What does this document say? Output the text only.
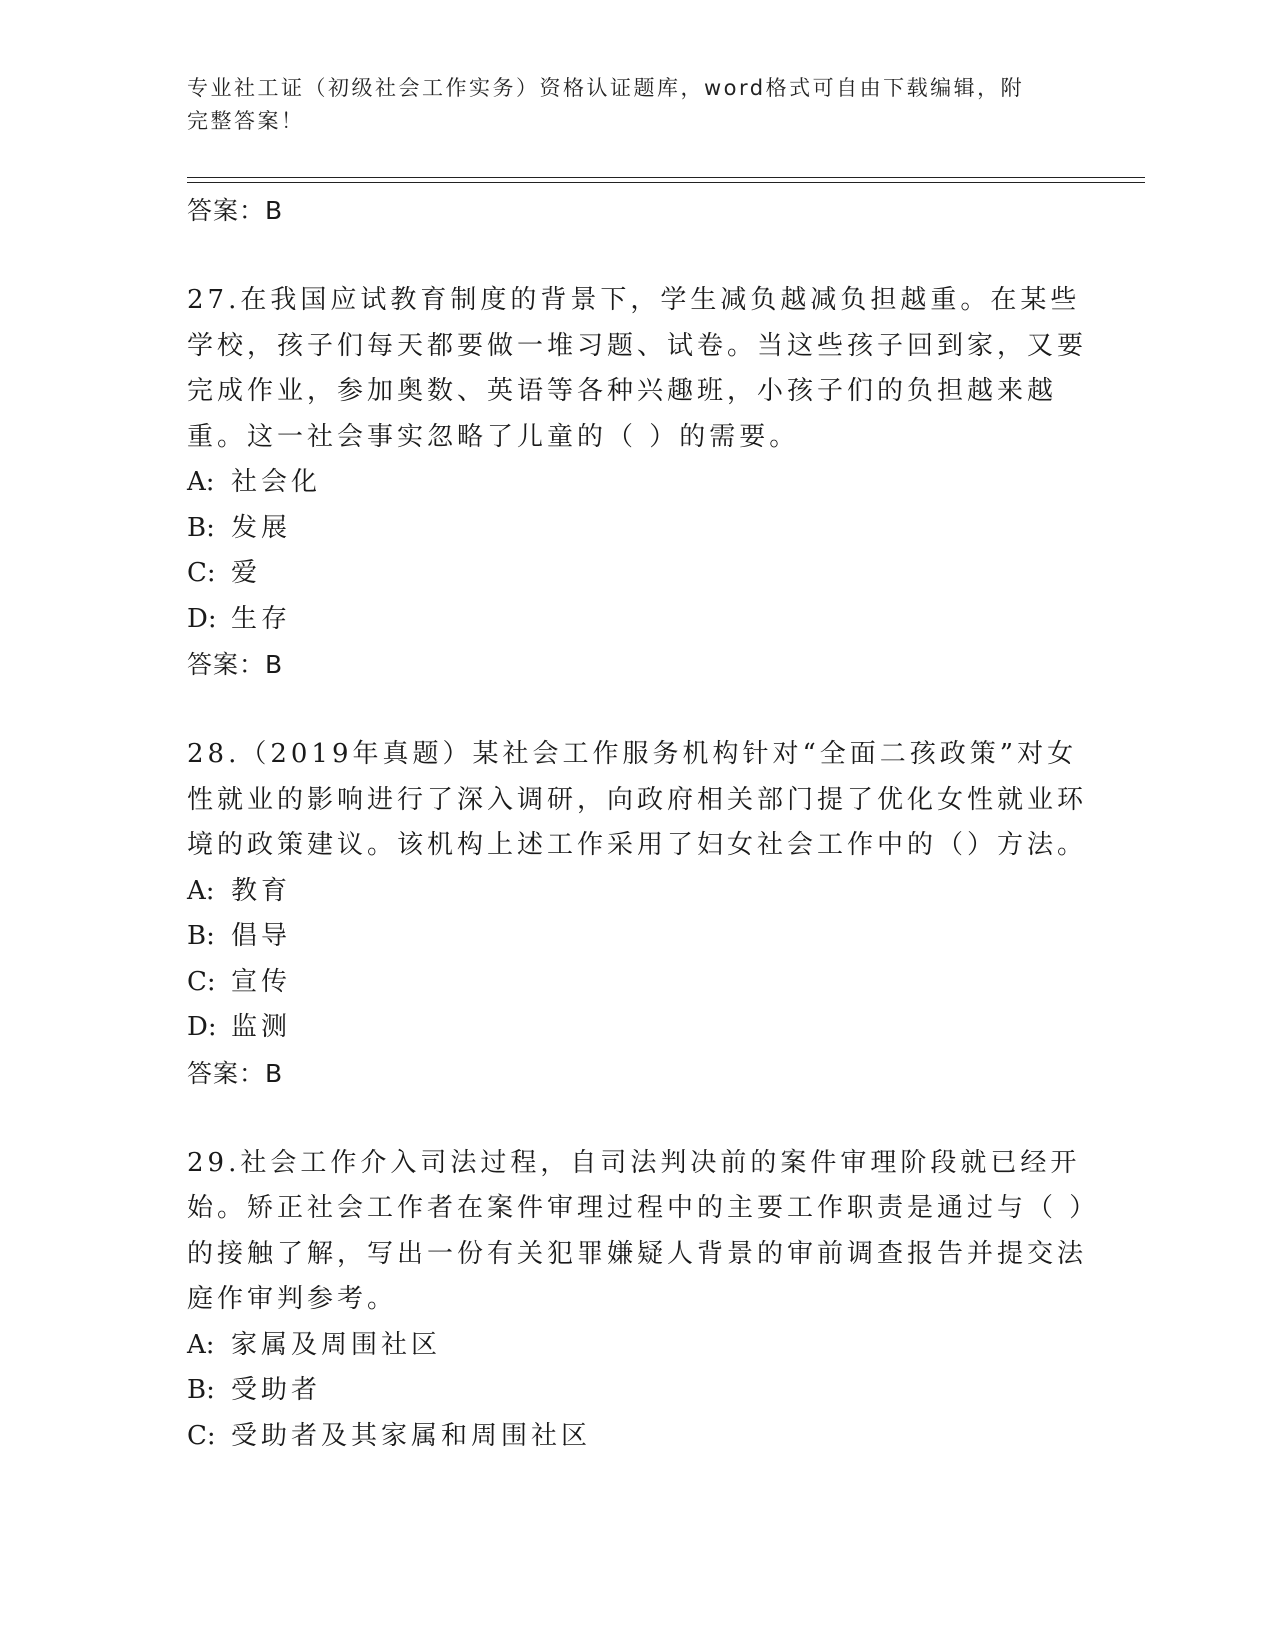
专业社工证（初级社会工作实务）资格认证题库，word格式可自由下载编辑，附
完整答案！
答案：B

27.在我国应试教育制度的背景下，学生减负越减负担越重。在某些学校，孩子们每天都要做一堆习题、试卷。当这些孩子回到家，又要完成作业，参加奥数、英语等各种兴趣班，小孩子们的负担越来越重。这一社会事实忽略了儿童的（ ）的需要。

A: 社会化
B: 发展
C: 爱
D: 生存
答案：B

28.（2019年真题）某社会工作服务机构针对“全面二孩政策”对女性就业的影响进行了深入调研，向政府相关部门提了优化女性就业环境的政策建议。该机构上述工作采用了妇女社会工作中的（）方法。

A: 教育
B: 倡导
C: 宣传
D: 监测
答案：B

29.社会工作介入司法过程，自司法判决前的案件审理阶段就已经开始。矫正社会工作者在案件审理过程中的主要工作职责是通过与（ ）的接触了解，写出一份有关犯罪嫌疑人背景的审前调查报告并提交法庭作审判参考。

A: 家属及周围社区
B: 受助者
C: 受助者及其家属和周围社区
